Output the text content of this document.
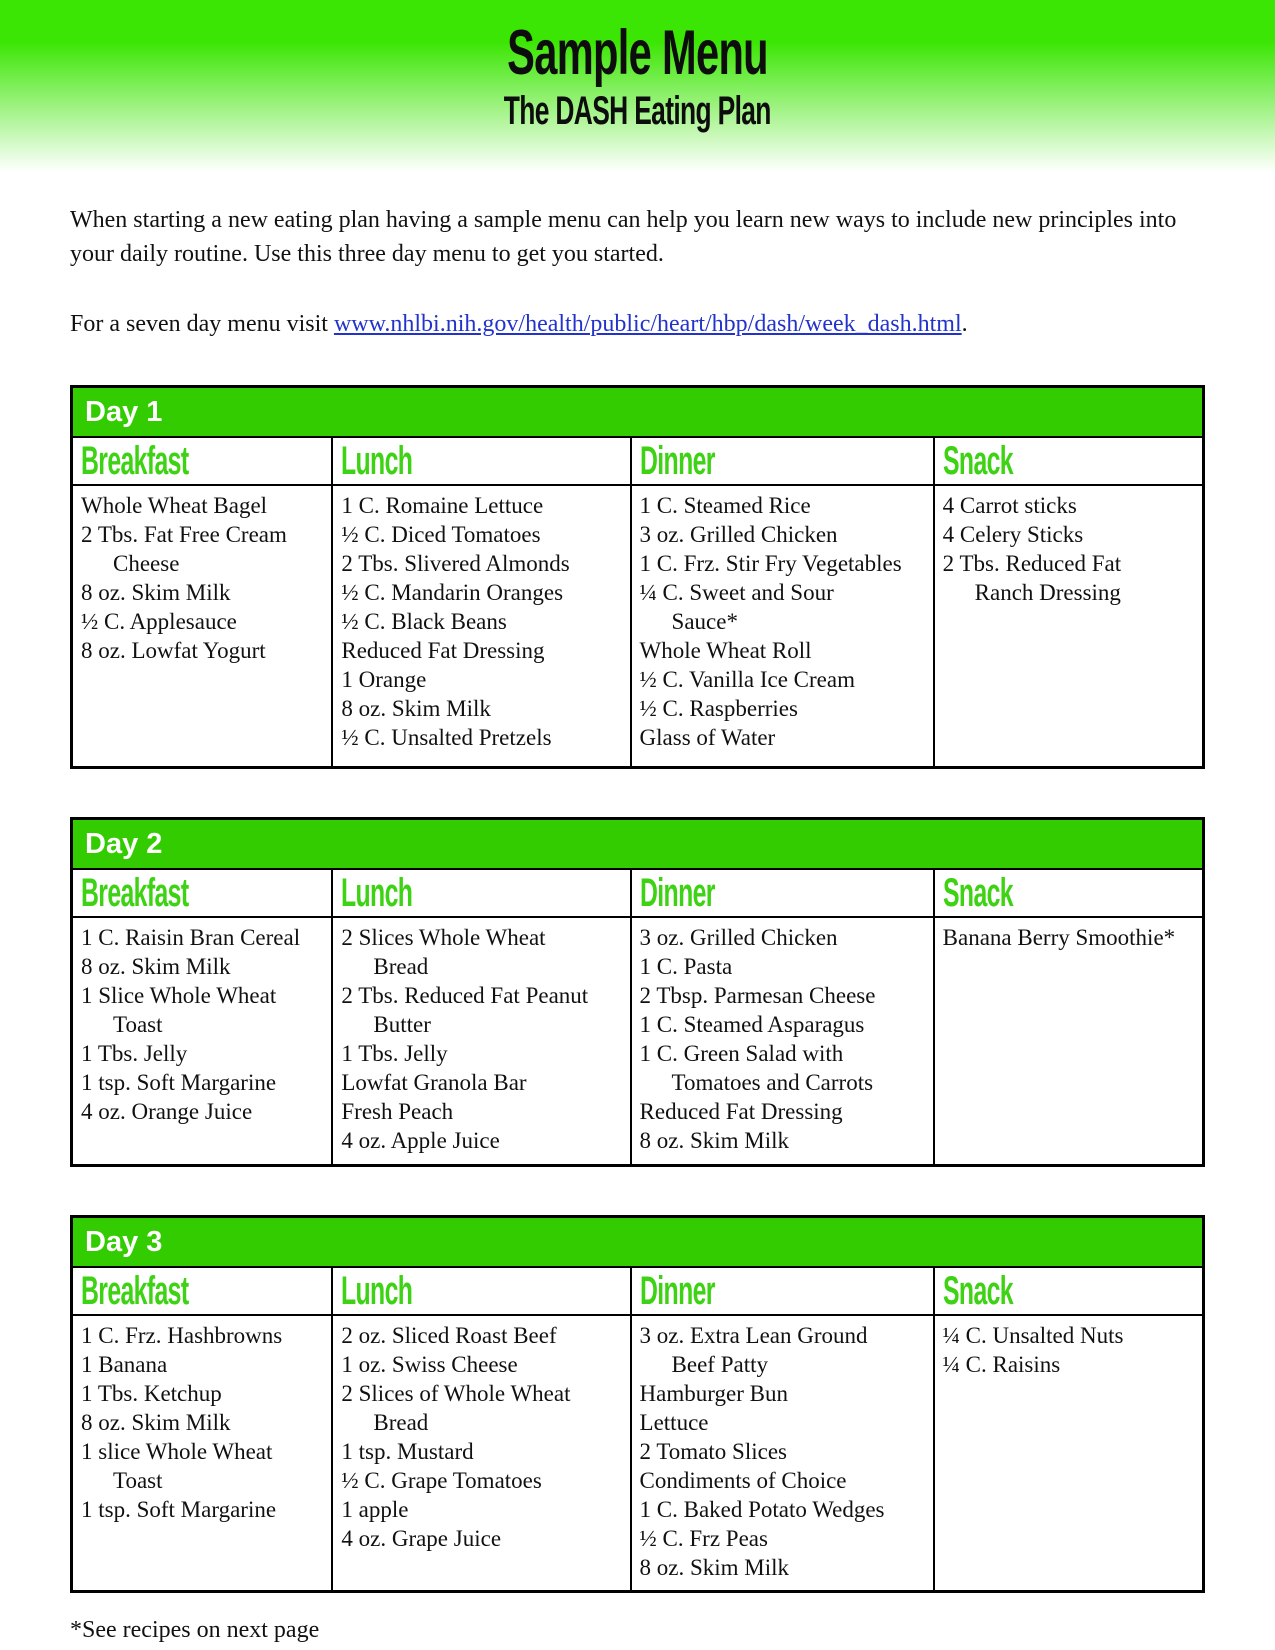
Sample Menu
The DASH Eating Plan

When starting a new eating plan having a sample menu can help you learn new ways to include new principles into your daily routine. Use this three day menu to get you started.

For a seven day menu visit www.nhlbi.nih.gov/health/public/heart/hbp/dash/week_dash.html.

Day 1
Breakfast
Whole Wheat Bagel
2 Tbs. Fat Free Cream
Cheese
8 oz. Skim Milk
½ C. Applesauce
8 oz. Lowfat Yogurt
Lunch
1 C. Romaine Lettuce
½ C. Diced Tomatoes
2 Tbs. Slivered Almonds
½ C. Mandarin Oranges
½ C. Black Beans
Reduced Fat Dressing
1 Orange
8 oz. Skim Milk
½ C. Unsalted Pretzels
Dinner
1 C. Steamed Rice
3 oz. Grilled Chicken
1 C. Frz. Stir Fry Vegetables
¼ C. Sweet and Sour
Sauce*
Whole Wheat Roll
½ C. Vanilla Ice Cream
½ C. Raspberries
Glass of Water
Snack
4 Carrot sticks
4 Celery Sticks
2 Tbs. Reduced Fat
Ranch Dressing
Day 2
Breakfast
1 C. Raisin Bran Cereal
8 oz. Skim Milk
1 Slice Whole Wheat
Toast
1 Tbs. Jelly
1 tsp. Soft Margarine
4 oz. Orange Juice
Lunch
2 Slices Whole Wheat
Bread
2 Tbs. Reduced Fat Peanut
Butter
1 Tbs. Jelly
Lowfat Granola Bar
Fresh Peach
4 oz. Apple Juice
Dinner
3 oz. Grilled Chicken
1 C. Pasta
2 Tbsp. Parmesan Cheese
1 C. Steamed Asparagus
1 C. Green Salad with
Tomatoes and Carrots
Reduced Fat Dressing
8 oz. Skim Milk
Snack
Banana Berry Smoothie*
Day 3
Breakfast
1 C. Frz. Hashbrowns
1 Banana
1 Tbs. Ketchup
8 oz. Skim Milk
1 slice Whole Wheat
Toast
1 tsp. Soft Margarine
Lunch
2 oz. Sliced Roast Beef
1 oz. Swiss Cheese
2 Slices of Whole Wheat
Bread
1 tsp. Mustard
½ C. Grape Tomatoes
1 apple
4 oz. Grape Juice
Dinner
3 oz. Extra Lean Ground
Beef Patty
Hamburger Bun
Lettuce
2 Tomato Slices
Condiments of Choice
1 C. Baked Potato Wedges
½ C. Frz Peas
8 oz. Skim Milk
Snack
¼ C. Unsalted Nuts
¼ C. Raisins

*See recipes on next page
